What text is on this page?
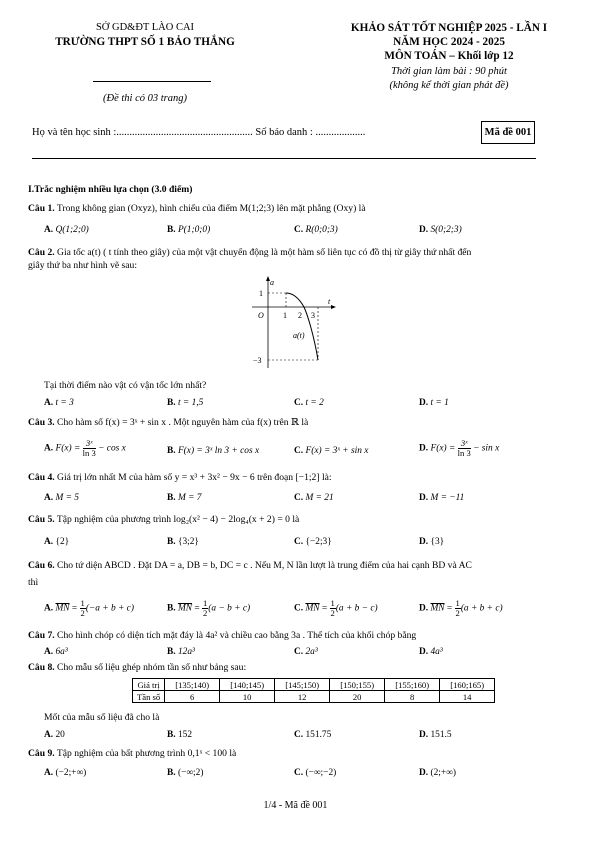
SỞ GD&ĐT LÀO CAI
TRƯỜNG THPT SỐ 1 BẢO THẮNG
(Đề thi có 03 trang)
KHẢO SÁT TỐT NGHIỆP 2025 - LẦN I
NĂM HỌC 2024 - 2025
MÔN TOÁN – Khối lớp 12
Thời gian làm bài : 90 phút
(không kể thời gian phát đề)
Họ và tên học sinh :.................................................... Số báo danh : ...................	Mã đề 001
I.Trắc nghiệm nhiều lựa chọn (3.0 điểm)
Câu 1. Trong không gian (Oxyz), hình chiếu của điểm M(1;2;3) lên mặt phẳng (Oxy) là
A. Q(1;2;0)	B. P(1;0;0)	C. R(0;0;3)	D. S(0;2;3)
Câu 2. Gia tốc a(t) ( t tính theo giây) của một vật chuyển động là một hàm số liên tục có đồ thị từ giây thứ nhất đến
giây thứ ba như hình vẽ sau:
a
t
1
O 1 2 3
−3
a(t)
Tại thời điểm nào vật có vận tốc lớn nhất?
A. t = 3	B. t = 1,5	C. t = 2	D. t = 1
Câu 3. Cho hàm số f(x) = 3ˣ + sin x . Một nguyên hàm của f(x) trên ℝ là
A. $F(x) = \frac{\text{3ˣ}}{\ln 3} - \cos x$	B. F(x) = 3ˣ ln 3 + cos x	C. F(x) = 3ˣ + sin x	D. $F(x) = \frac{\text{3ˣ}}{\ln 3} - \sin x$
Câu 4. Giá trị lớn nhất M của hàm số y = x³ + 3x² − 9x − 6 trên đoạn [−1;2] là:
A. M = 5	B. M = 7	C. M = 21	D. M = −11
Câu 5. Tập nghiệm của phương trình log₂(x² − 4) − 2log₄(x + 2) = 0 là
A. {2}	B. {3;2}	C. {−2;3}	D. {3}
Câu 6. Cho tứ diện ABCD . Đặt DA = a, DB = b, DC = c . Nếu M, N lần lượt là trung điểm của hai cạnh BD và AC
thì
A. $\overline{MN} = \frac{1}{2} (-a + b + c)$	B. $\overline{MN} = \frac{1}{2} (a - b + c)$	C. $\overline{MN} = \frac{1}{2} (a + b - c)$	D. $\overline{MN} = \frac{1}{2} (a + b + c)$
Câu 7. Cho hình chóp có diện tích mặt đáy là 4a² và chiều cao bằng 3a . Thể tích của khối chóp bằng
A. 6a³	B. 12a³	C. 2a³	D. 4a³
Câu 8. Cho mẫu số liệu ghép nhóm tần số như bảng sau:
Giá trị	[135;140)	[140;145)	[145;150)	[150;155)	[155;160)	[160;165)
Tần số	6	10	12	20	8	14
Mốt của mẫu số liệu đã cho là
A. 20	B. 152	C. 151.75	D. 151.5
Câu 9. Tập nghiệm của bất phương trình 0,1ˣ < 100 là
A. (−2;+∞)	B. (−∞;2)	C. (−∞;−2)	D. (2;+∞)
1/4 - Mã đề 001
